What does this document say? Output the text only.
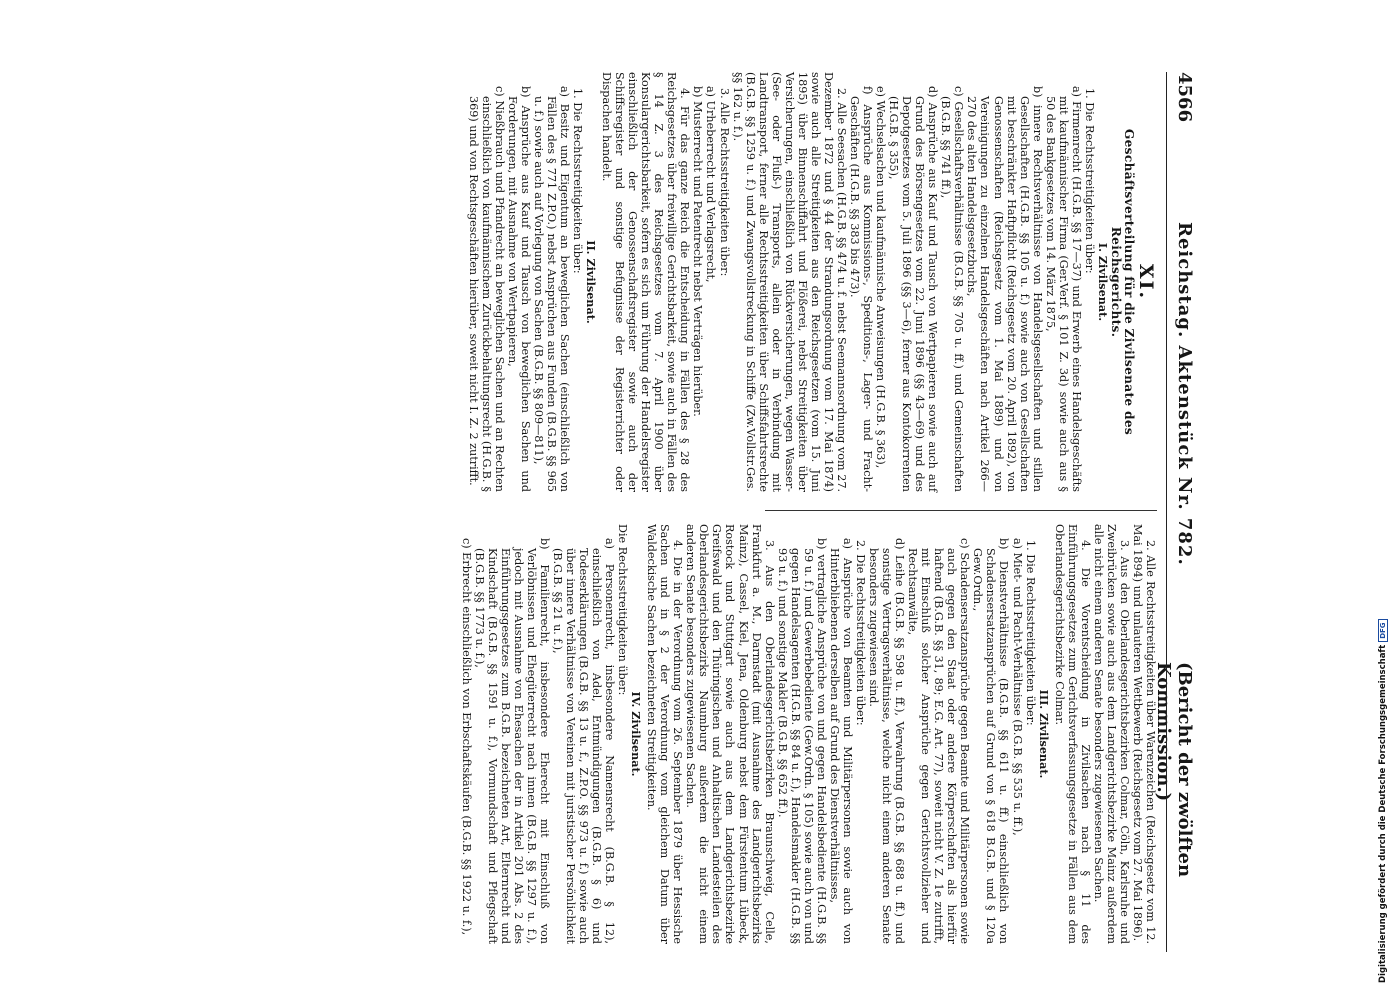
4566
Reichstag. Aktenstück Nr. 782.
(Bericht der zwölften Kommission.)

XI.

Geschäftsverteilung für die Zivilsenate des Reichsgerichts.

I. Zivilsenat.

1. Die Rechtsstreitigkeiten über:

a) Firmenrecht (H.G.B. §§ 17—37) und Erwerb eines Handelsgeschäfts mit kaufmännischer Firma (Ger.Verf. § 101 Z. 3d) sowie auch aus § 50 des Bankgesetzes vom 14. März 1875,

b) innere Rechtsverhältnisse von Handelsgesellschaften und stillen Gesellschaften (H.G.B. §§ 105 u. f.) sowie auch von Gesellschaften mit beschränkter Haftpflicht (Reichsgesetz vom 20. April 1892), von Genossenschaften (Reichsgesetz vom 1. Mai 1889) und von Vereinigungen zu einzelnen Handelsgeschäften nach Artikel 266—270 des alten Handelsgesetzbuchs,

c) Gesellschaftsverhältnisse (B.G.B. §§ 705 u. ff.) und Gemeinschaften (B.G.B. §§ 741 ff.),

d) Ansprüche aus Kauf und Tausch von Wertpapieren sowie auch auf Grund des Börsengesetzes vom 22. Juni 1896 (§§ 43—69) und des Depotgesetzes vom 5. Juli 1896 (§§ 3—6), ferner aus Kontokorrenten (H.G.B. § 355),

e) Wechselsachen und kaufmännische Anweisungen (H.G.B. § 363),

f) Ansprüche aus Kommissions-, Speditions-, Lager- und Fracht-Geschäften (H.G.B. §§ 383 bis 473).

2. Alle Seesachen (H.G.B. §§ 474 u. f. nebst Seemannsordnung vom 27. Dezember 1872 und § 44 der Strandungsordnung vom 17. Mai 1874) sowie auch alle Streitigkeiten aus den Reichsgesetzen (vom 15. Juni 1895) über Binnenschiffahrt und Flößerei, nebst Streitigkeiten über Versicherungen, einschließlich von Rückversicherungen, wegen Wasser- (See- oder Fluß-) Transports, allein oder in Verbindung mit Landtransport, ferner alle Rechtsstreitigkeiten über Schiffsfahrtsrechte (B.G.B. §§ 1259 u. f.) und Zwangsvollstreckung in Schiffe (Zw.Vollstr.Ges. §§ 162 u. f.).

3. Alle Rechtsstreitigkeiten über:

a) Urheberrecht und Verlagsrecht,

b) Musterrecht und Patentrecht nebst Verträgen hierüber.

4. Für das ganze Reich die Entscheidung in Fällen des § 28 des Reichsgesetzes über freiwillige Gerichtsbarkeit, sowie auch in Fällen des § 14 Z. 3 des Reichsgesetzes vom 7. April 1900 über Konsulargerichtsbarkeit, sofern es sich um Führung der Handelsregister einschließlich der Genossenschaftsregister sowie auch der Schiffsregister und sonstige Befugnisse der Registerrichter oder Dispachen handelt.

II. Zivilsenat.

1. Die Rechtsstreitigkeiten über:

a) Besitz und Eigentum an beweglichen Sachen (einschließlich von Fällen des § 771 Z.P.O.) nebst Ansprüchen aus Funden (B.G.B. §§ 965 u. f.) sowie auch auf Vorlegung von Sachen (B.G.B. §§ 809—811),

b) Ansprüche aus Kauf und Tausch von beweglichen Sachen und Forderungen, mit Ausnahme von Wertpapieren,

c) Nießbrauch und Pfandrecht an beweglichen Sachen und an Rechten einschließlich von kaufmännischem Zurückbehaltungsrecht (H.G.B. § 369) und von Rechtsgeschäften hierüber, soweit nicht I. Z. 2 zutrifft.

2. Alle Rechtsstreitigkeiten über Warenzeichen (Reichsgesetz vom 12. Mai 1894) und unlauteren Wettbewerb (Reichsgesetz vom 27. Mai 1896).

3. Aus den Oberlandesgerichtsbezirken Colmar, Cöln, Karlsruhe und Zweibrücken sowie auch aus dem Landgerichtsbezirke Mainz außerdem alle nicht einem anderen Senate besonders zugewiesenen Sachen.

4. Die Vorentscheidung in Zivilsachen nach § 11 des Einführungsgesetzes zum Gerichtsverfassungsgesetze in Fällen aus dem Oberlandesgerichtsbezirke Colmar.

III. Zivilsenat.

1. Die Rechtsstreitigkeiten über:

a) Miet- und Pacht-Verhältnisse (B.G.B. §§ 535 u. ff.),

b) Dienstverhältnisse (B.G.B. §§ 611 u. ff.) einschließlich von Schadensersatzansprüchen auf Grund von § 618 B.G.B. und § 120a Gew.Ordn.,

c) Schadensersatzansprüche gegen Beamte und Militärpersonen sowie auch gegen den Staat oder andere Körperschaften als hierfür haftend (B.G.B. §§ 31, 89; E.G. Art. 77), soweit nicht V. Z. 1e zutrifft, mit Einschluß solcher Ansprüche gegen Gerichtsvollzieher und Rechtsanwälte,

d) Leihe (B.G.B. §§ 598 u. ff.), Verwahrung (B.G.B. §§ 688 u. ff.) und sonstige Vertragsverhältnisse, welche nicht einem anderen Senate besonders zugewiesen sind.

2. Die Rechtsstreitigkeiten über:

a) Ansprüche von Beamten und Militärpersonen sowie auch von Hinterbliebenen derselben auf Grund des Dienstverhältnisses,

b) vertragliche Ansprüche von und gegen Handelsbediente (H.G.B. §§ 59 u. f.) und Gewerbebediente (Gew.Ordn. § 105) sowie auch von und gegen Handelsagenten (H.G.B. §§ 84 u. f.), Handelsmakler (H.G.B. §§ 93 u. f.) und sonstige Makler (B.G.B. §§ 652 ff.).

3. Aus den Oberlandesgerichtsbezirken Braunschweig, Celle, Frankfurt a. M., Darmstadt (mit Ausnahme des Landgerichtsbezirks Mainz), Cassel, Kiel, Jena, Oldenburg nebst dem Fürstentum Lübeck, Rostock und Stuttgart sowie auch aus dem Landgerichtsbezirke Greifswald und den Thüringischen und Anhaltischen Landesteilen des Oberlandesgerichtsbezirks Naumburg außerdem die nicht einem anderen Senate besonders zugewiesenen Sachen.

4. Die in der Verordnung vom 26. September 1879 über Hessische Sachen und in § 2 der Verordnung vom gleichem Datum über Waldeckische Sachen bezeichneten Streitigkeiten.

IV. Zivilsenat.

Die Rechtsstreitigkeiten über:

a) Personenrecht, insbesondere Namensrecht (B.G.B. § 12), einschließlich von Adel, Entmündigungen (B.G.B. § 6) und Todeserklärungen (B.G.B. §§ 13 u. f., Z.P.O. §§ 973 u. f.) sowie auch über innere Verhältnisse von Vereinen mit juristischer Persönlichkeit (B.G.B. §§ 21 u. f.),

b) Familienrecht, insbesondere Eherecht mit Einschluß von Verlöbnissen und Ehegüterrecht nach innen (B.G.B. §§ 1297 u. f.), jedoch mit Ausnahme von Ehesachen der in Artikel 201 Abs. 2 des Einführungsgesetzes zum B.G.B. bezeichneten Art, Elternrecht und Kindschaft (B.G.B. §§ 1591 u. f.), Vormundschaft und Pflegschaft (B.G.B. §§ 1773 u. f.),

c) Erbrecht einschließlich von Erbschaftskäufen (B.G.B. §§ 1922 u. f.),	Digitalisierung gefördert durch die Deutsche ForschungsgemeinschaftDFG
